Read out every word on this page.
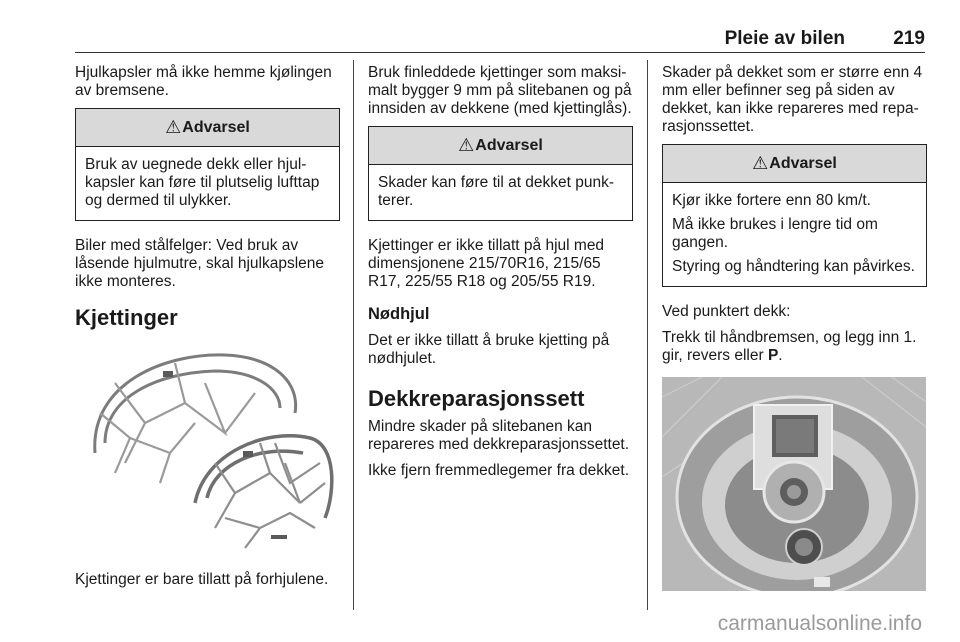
Pleie av bilen	219

Hjulkapsler må ikke hemme kjølingen av bremsene.

⚠ Advarsel

Bruk av uegnede dekk eller hjulkapsler kan føre til plutselig lufttap og dermed til ulykker.

Biler med stålfelger: Ved bruk av låsende hjulmutre, skal hjulkapslene ikke monteres.

Kjettinger

Kjettinger er bare tillatt på forhjulene.

Bruk finleddede kjettinger som maksimalt bygger 9 mm på slitebanen og på innsiden av dekkene (med kjettinglås).

⚠ Advarsel

Skader kan føre til at dekket punkterer.

Kjettinger er ikke tillatt på hjul med dimensjonene 215/70R16, 215/65 R17, 225/55 R18 og 205/55 R19.

Nødhjul

Det er ikke tillatt å bruke kjetting på nødhjulet.

Dekkreparasjonssett

Mindre skader på slitebanen kan repareres med dekkreparasjonssettet.

Ikke fjern fremmedlegemer fra dekket.

Skader på dekket som er større enn 4 mm eller befinner seg på siden av dekket, kan ikke repareres med reparasjonssettet.

⚠ Advarsel

Kjør ikke fortere enn 80 km/t.

Må ikke brukes i lengre tid om gangen.

Styring og håndtering kan påvirkes.

Ved punktert dekk:

Trekk til håndbremsen, og legg inn 1. gir, revers eller P.

carmanualsonline.info
